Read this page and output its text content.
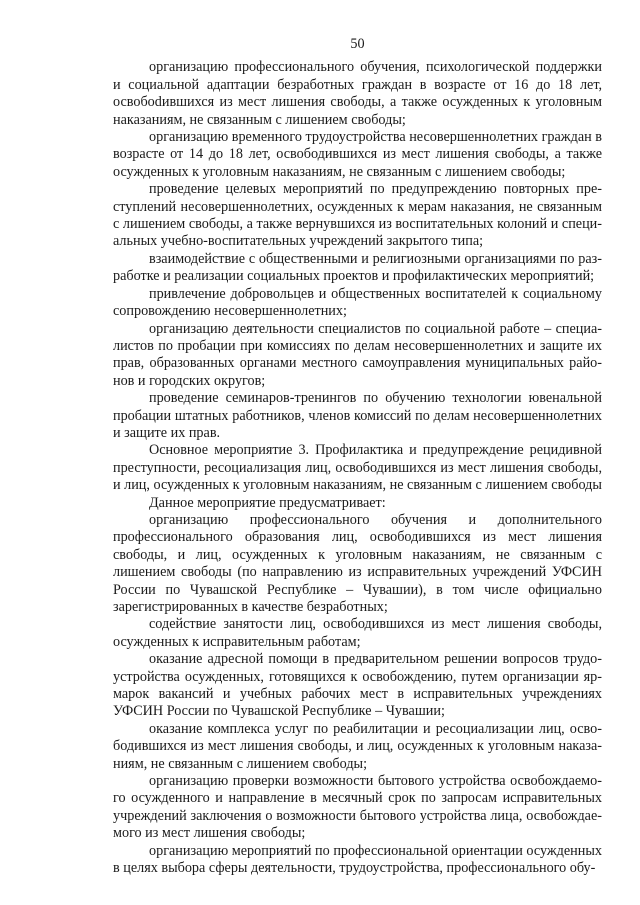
50

организацию профессионального обучения, психологической поддержки и социальной адаптации безработных граждан в возрасте от 16 до 18 лет, освобоdившихся из мест лишения свободы, а также осужденных к уголовным наказаниям, не связанным с лишением свободы;

организацию временного трудоустройства несовершеннолетних граждан в возрасте от 14 до 18 лет, освободившихся из мест лишения свободы, а также осужденных к уголовным наказаниям, не связанным с лишением свободы;

проведение целевых мероприятий по предупреждению повторных преступлений несовершеннолетних, осужденных к мерам наказания, не связанным с лишением свободы, а также вернувшихся из воспитательных колоний и специальных учебно-воспитательных учреждений закрытого типа;

взаимодействие с общественными и религиозными организациями по разработке и реализации социальных проектов и профилактических мероприятий;

привлечение добровольцев и общественных воспитателей к социальному сопровождению несовершеннолетних;

организацию деятельности специалистов по социальной работе – специалистов по пробации при комиссиях по делам несовершеннолетних и защите их прав, образованных органами местного самоуправления муниципальных районов и городских округов;

проведение семинаров-тренингов по обучению технологии ювенальной пробации штатных работников, членов комиссий по делам несовершеннолетних и защите их прав.

Основное мероприятие 3. Профилактика и предупреждение рецидивной преступности, ресоциализация лиц, освободившихся из мест лишения свободы, и лиц, осужденных к уголовным наказаниям, не связанным с лишением свободы

Данное мероприятие предусматривает:

организацию профессионального обучения и дополнительного профессионального образования лиц, освободившихся из мест лишения свободы, и лиц, осужденных к уголовным наказаниям, не связанным с лишением свободы (по направлению из исправительных учреждений УФСИН России по Чувашской Республике – Чувашии), в том числе официально зарегистрированных в качестве безработных;

содействие занятости лиц, освободившихся из мест лишения свободы, осужденных к исправительным работам;

оказание адресной помощи в предварительном решении вопросов трудоустройства осужденных, готовящихся к освобождению, путем организации ярмарок вакансий и учебных рабочих мест в исправительных учреждениях УФСИН России по Чувашской Республике – Чувашии;

оказание комплекса услуг по реабилитации и ресоциализации лиц, освободившихся из мест лишения свободы, и лиц, осужденных к уголовным наказаниям, не связанным с лишением свободы;

организацию проверки возможности бытового устройства освобождаемого осужденного и направление в месячный срок по запросам исправительных учреждений заключения о возможности бытового устройства лица, освобождаемого из мест лишения свободы;

организацию мероприятий по профессиональной ориентации осужденных в целях выбора сферы деятельности, трудоустройства, профессионального обу-
